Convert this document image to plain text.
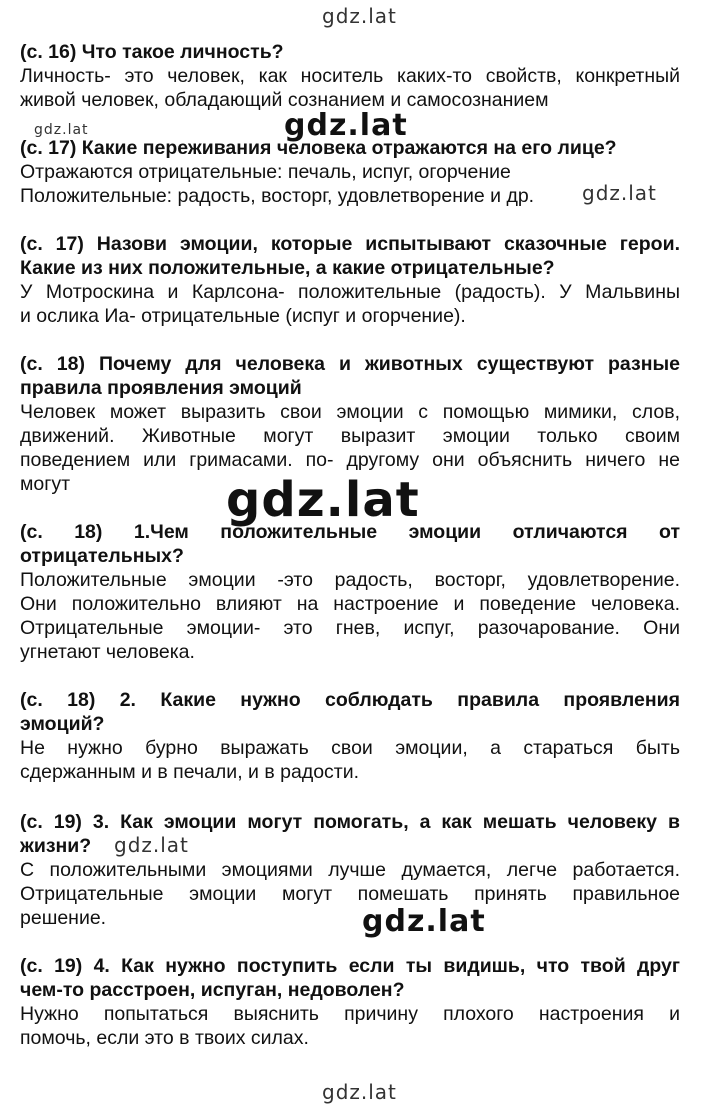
gdz.lat
gdz.lat	gdz.lat
gdz.lat
gdz.lat
gdz.lat
gdz.lat
gdz.lat

(с. 16) Что такое личность?

Личность- это человек, как носитель каких-то свойств, конкретный
живой человек, обладающий сознанием и самосознанием

(с. 17) Какие переживания человека отражаются на его лице?

Отражаются отрицательные: печаль, испуг, огорчение
Положительные: радость, восторг, удовлетворение и др.

(с. 17) Назови эмоции, которые испытывают сказочные герои.
Какие из них положительные, а какие отрицательные?

У Мотроскина и Карлсона- положительные (радость). У Мальвины
и ослика Иа- отрицательные (испуг и огорчение).

(с. 18) Почему для человека и животных существуют разные
правила проявления эмоций

Человек может выразить свои эмоции с помощью мимики, слов,
движений. Животные могут выразит эмоции только своим
поведением или гримасами. по- другому они объяснить ничего не
могут

(с. 18) 1.Чем положительные эмоции отличаются от
отрицательных?

Положительные эмоции -это радость, восторг, удовлетворение.
Они положительно влияют на настроение и поведение человека.
Отрицательные эмоции- это гнев, испуг, разочарование. Они
угнетают человека.

(с. 18) 2. Какие нужно соблюдать правила проявления
эмоций?

Не нужно бурно выражать свои эмоции, а стараться быть
сдержанным и в печали, и в радости.

(с. 19) 3. Как эмоции могут помогать, а как мешать человеку в
жизни?

С положительными эмоциями лучше думается, легче работается.
Отрицательные эмоции могут помешать принять правильное
решение.

(с. 19) 4. Как нужно поступить если ты видишь, что твой друг
чем-то расстроен, испуган, недоволен?

Нужно попытаться выяснить причину плохого настроения и
помочь, если это в твоих силах.
